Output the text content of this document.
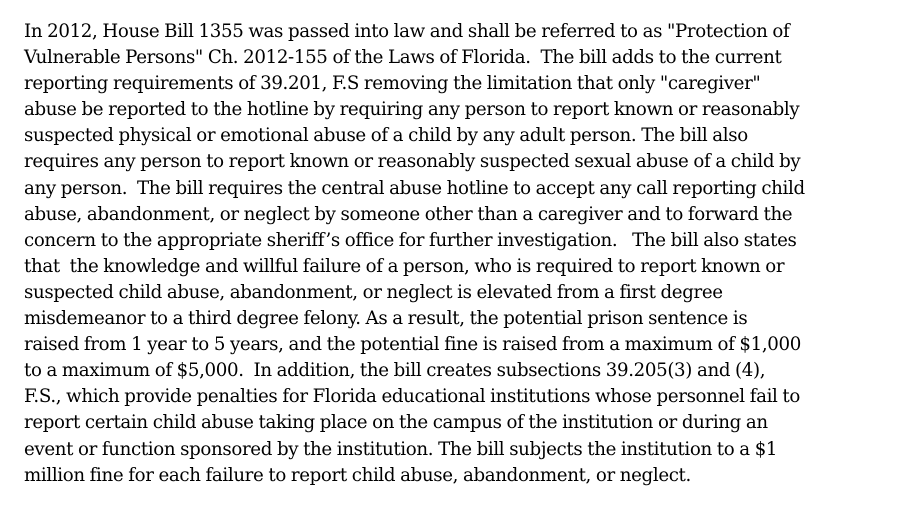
In 2012, House Bill 1355 was passed into law and shall be referred to as "Protection of
Vulnerable Persons" Ch. 2012-155 of the Laws of Florida.  The bill adds to the current
reporting requirements of 39.201, F.S removing the limitation that only "caregiver"
abuse be reported to the hotline by requiring any person to report known or reasonably
suspected physical or emotional abuse of a child by any adult person. The bill also
requires any person to report known or reasonably suspected sexual abuse of a child by
any person.  The bill requires the central abuse hotline to accept any call reporting child
abuse, abandonment, or neglect by someone other than a caregiver and to forward the
concern to the appropriate sheriff’s office for further investigation.   The bill also states
that  the knowledge and willful failure of a person, who is required to report known or
suspected child abuse, abandonment, or neglect is elevated from a first degree
misdemeanor to a third degree felony. As a result, the potential prison sentence is
raised from 1 year to 5 years, and the potential fine is raised from a maximum of $1,000
to a maximum of $5,000.  In addition, the bill creates subsections 39.205(3) and (4),
F.S., which provide penalties for Florida educational institutions whose personnel fail to
report certain child abuse taking place on the campus of the institution or during an
event or function sponsored by the institution. The bill subjects the institution to a $1
million fine for each failure to report child abuse, abandonment, or neglect.
